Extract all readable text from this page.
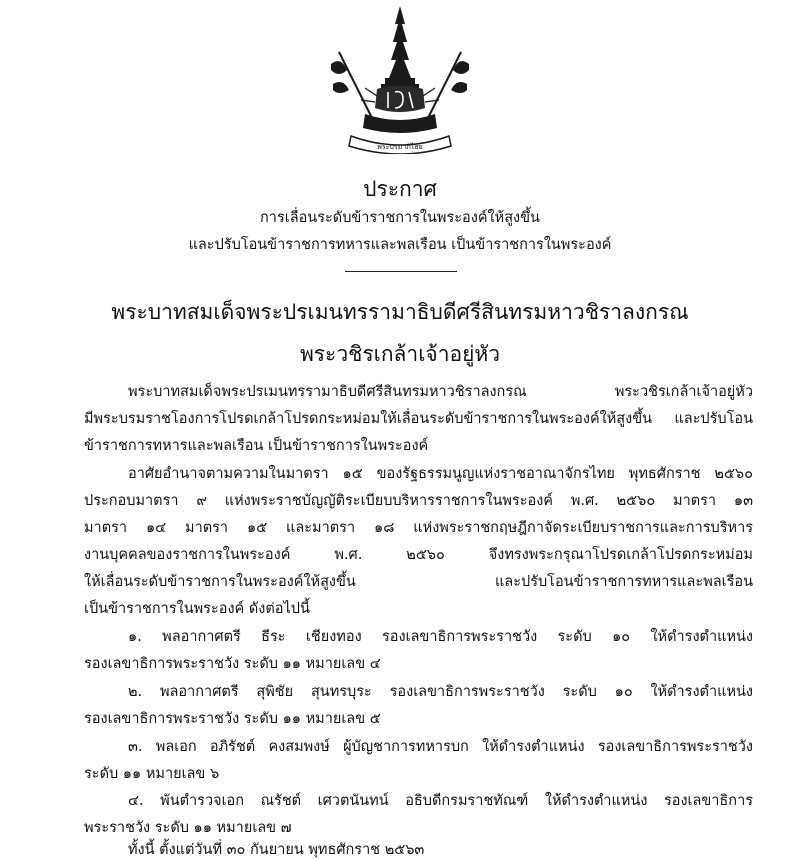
พระปรมาภิไธย
ประกาศ
การเลื่อนระดับข้าราชการในพระองค์ให้สูงขึ้น
และปรับโอนข้าราชการทหารและพลเรือน เป็นข้าราชการในพระองค์
พระบาทสมเด็จพระปรเมนทรรามาธิบดีศรีสินทรมหาวชิราลงกรณ
พระวชิรเกล้าเจ้าอยู่หัว
พระบาทสมเด็จพระปรเมนทรรามาธิบดีศรีสินทรมหาวชิราลงกรณ พระวชิรเกล้าเจ้าอยู่หัว
มีพระบรมราชโองการโปรดเกล้าโปรดกระหม่อมให้เลื่อนระดับข้าราชการในพระองค์ให้สูงขึ้น และปรับโอน
ข้าราชการทหารและพลเรือน เป็นข้าราชการในพระองค์
อาศัยอำนาจตามความในมาตรา ๑๕ ของรัฐธรรมนูญแห่งราชอาณาจักรไทย พุทธศักราช ๒๕๖๐
ประกอบมาตรา ๙ แห่งพระราชบัญญัติระเบียบบริหารราชการในพระองค์ พ.ศ. ๒๕๖๐ มาตรา ๑๓
มาตรา ๑๔ มาตรา ๑๕ และมาตรา ๑๘ แห่งพระราชกฤษฎีกาจัดระเบียบราชการและการบริหาร
งานบุคคลของราชการในพระองค์ พ.ศ. ๒๕๖๐ จึงทรงพระกรุณาโปรดเกล้าโปรดกระหม่อม
ให้เลื่อนระดับข้าราชการในพระองค์ให้สูงขึ้น และปรับโอนข้าราชการทหารและพลเรือน
เป็นข้าราชการในพระองค์ ดังต่อไปนี้
๑. พลอากาศตรี ธีระ เชียงทอง รองเลขาธิการพระราชวัง ระดับ ๑๐ ให้ดำรงตำแหน่ง
รองเลขาธิการพระราชวัง ระดับ ๑๑ หมายเลข ๔
๒. พลอากาศตรี สุพิชัย สุนทรบุระ รองเลขาธิการพระราชวัง ระดับ ๑๐ ให้ดำรงตำแหน่ง
รองเลขาธิการพระราชวัง ระดับ ๑๑ หมายเลข ๕
๓. พลเอก อภิรัชต์ คงสมพงษ์ ผู้บัญชาการทหารบก ให้ดำรงตำแหน่ง รองเลขาธิการพระราชวัง
ระดับ ๑๑ หมายเลข ๖
๔. พันตำรวจเอก ณรัชต์ เศวตนันทน์ อธิบดีกรมราชทัณฑ์ ให้ดำรงตำแหน่ง รองเลขาธิการ
พระราชวัง ระดับ ๑๑ หมายเลข ๗
ทั้งนี้ ตั้งแต่วันที่ ๓๐ กันยายน พุทธศักราช ๒๕๖๓
